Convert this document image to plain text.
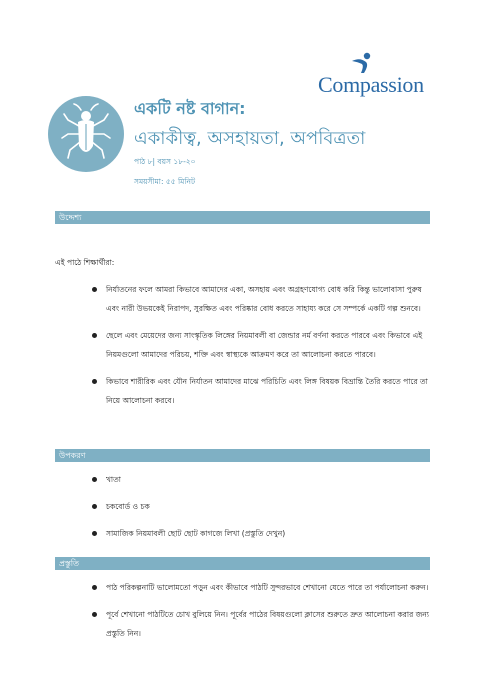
Compassion
একটি নষ্ট বাগান:
একাকীত্ব, অসহায়তা, অপবিত্রতা
পাঠ ৮| বয়স ১৮-২০
সময়সীমা: ৫৫ মিনিট
উদ্দেশ্য
এই পাঠে শিক্ষার্থীরা:
নির্যাতনের ফলে আমরা কিভাবে আমাদের একা, অসহায় এবং অগ্রহণযোগ্য বোধ করি কিন্তু ভালোবাসা পুরুষ এবং নারী উভয়কেই নিরাপদ, সুরক্ষিত এবং পরিষ্কার বোধ করতে সাহায্য করে সে সম্পর্কে একটি গল্প শুনবে।
ছেলে এবং মেয়েদের জন্য সাংস্কৃতিক লিঙ্গের নিয়মাবলী বা জেন্ডার নর্ম বর্ণনা করতে পারবে এবং কিভাবে এই নিয়মগুলো আমাদের পরিচয়, শক্তি এবং স্বাস্থ্যকে আক্রমণ করে তা আলোচনা করতে পারবে।
কিভাবে শারীরিক এবং যৌন নির্যাতন আমাদের মাঝে পরিচিতি এবং লিঙ্গ বিষয়ক বিভ্রান্তি তৈরি করতে পারে তা নিয়ে আলোচনা করবে।
উপকরণ
খাতা
চকবোর্ড ও চক
সামাজিক নিয়মাবলী ছোট ছোট কাগজে লিখা (প্রস্তুতি দেখুন)
প্রস্তুতি
পাঠ পরিকল্পনাটি ভালোমতো পড়ুন এবং কীভাবে পাঠটি সুন্দরভাবে শেখানো যেতে পারে তা পর্যালোচনা করুন।
পূর্বে শেখানো পাঠটিতে চোখ বুলিয়ে নিন। পূর্বের পাঠের বিষয়গুলো ক্লাসের শুরুতে দ্রুত আলোচনা করার জন্য প্রস্তুতি নিন।
